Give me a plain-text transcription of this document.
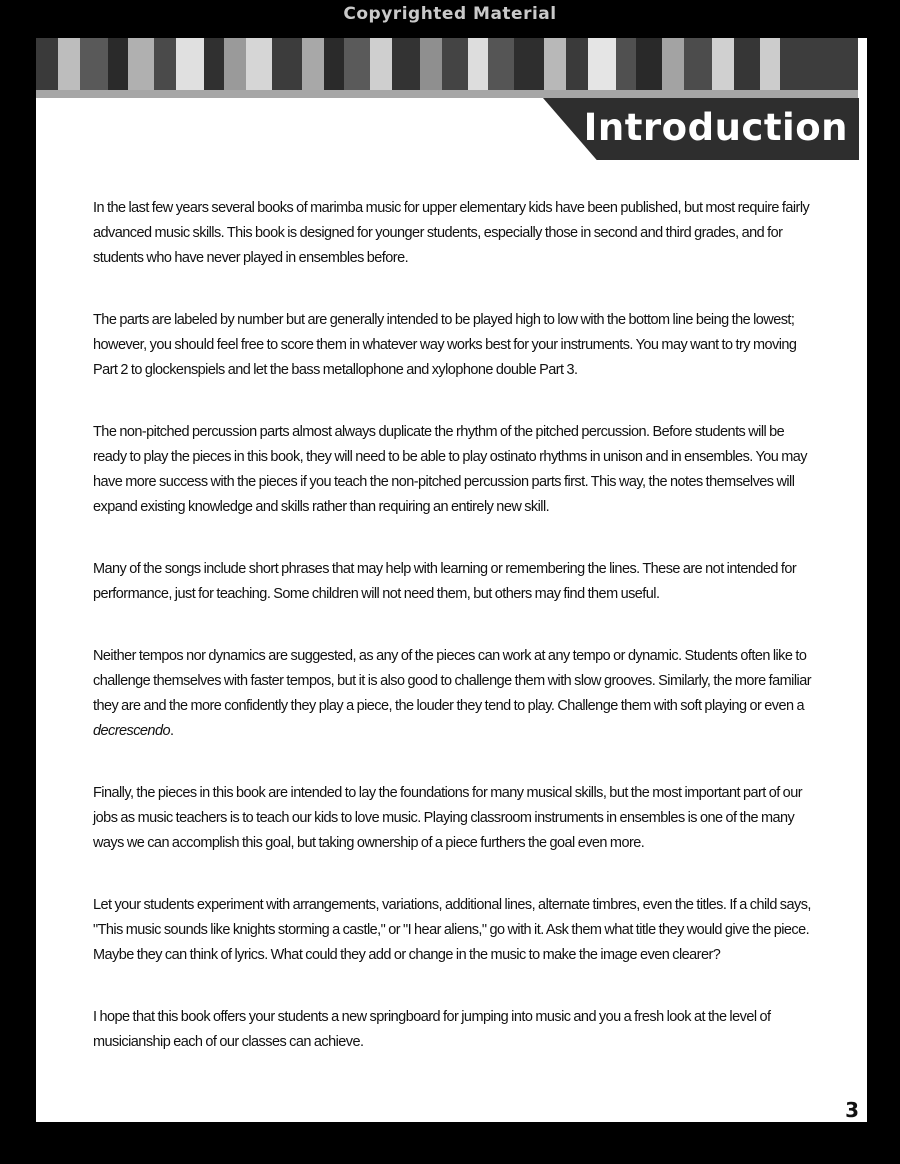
Copyrighted Material
Introduction

In the last few years several books of marimba music for upper elementary kids have been published, but most require fairly advanced music skills. This book is designed for younger students, especially those in second and third grades, and for students who have never played in ensembles before.

The parts are labeled by number but are generally intended to be played high to low with the bottom line being the lowest; however, you should feel free to score them in whatever way works best for your instruments. You may want to try moving Part 2 to glockenspiels and let the bass metallophone and xylophone double Part 3.

The non-pitched percussion parts almost always duplicate the rhythm of the pitched percussion. Before students will be ready to play the pieces in this book, they will need to be able to play ostinato rhythms in unison and in ensembles. You may have more success with the pieces if you teach the non-pitched percussion parts first. This way, the notes themselves will expand existing knowledge and skills rather than requiring an entirely new skill.

Many of the songs include short phrases that may help with learning or remembering the lines. These are not intended for performance, just for teaching. Some children will not need them, but others may find them useful.

Neither tempos nor dynamics are suggested, as any of the pieces can work at any tempo or dynamic. Students often like to challenge themselves with faster tempos, but it is also good to challenge them with slow grooves. Similarly, the more familiar they are and the more confidently they play a piece, the louder they tend to play. Challenge them with soft playing or even a decrescendo.

Finally, the pieces in this book are intended to lay the foundations for many musical skills, but the most important part of our jobs as music teachers is to teach our kids to love music. Playing classroom instruments in ensembles is one of the many ways we can accomplish this goal, but taking ownership of a piece furthers the goal even more.

Let your students experiment with arrangements, variations, additional lines, alternate timbres, even the titles. If a child says, "This music sounds like knights storming a castle," or "I hear aliens," go with it. Ask them what title they would give the piece. Maybe they can think of lyrics. What could they add or change in the music to make the image even clearer?

I hope that this book offers your students a new springboard for jumping into music and you a fresh look at the level of musicianship each of our classes can achieve.

3
